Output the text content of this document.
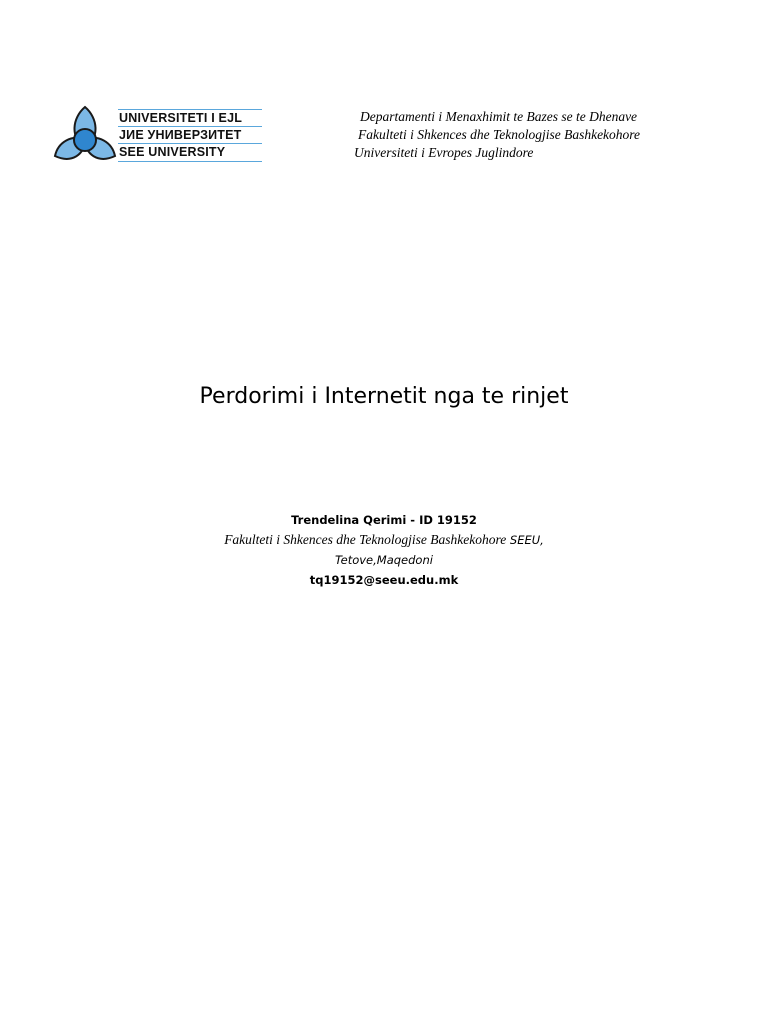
UNIVERSITETI I EJL
ЈИЕ УНИВЕРЗИТЕТ
SEE UNIVERSITY
Departamenti i Menaxhimit te Bazes se te Dhenave
Fakulteti i Shkences dhe Teknologjise Bashkekohore
Universiteti i Evropes Juglindore
Perdorimi i Internetit nga te rinjet
Trendelina Qerimi - ID 19152
Fakulteti i Shkences dhe Teknologjise Bashkekohore SEEU,
Tetove,Maqedoni
tq19152@seeu.edu.mk
